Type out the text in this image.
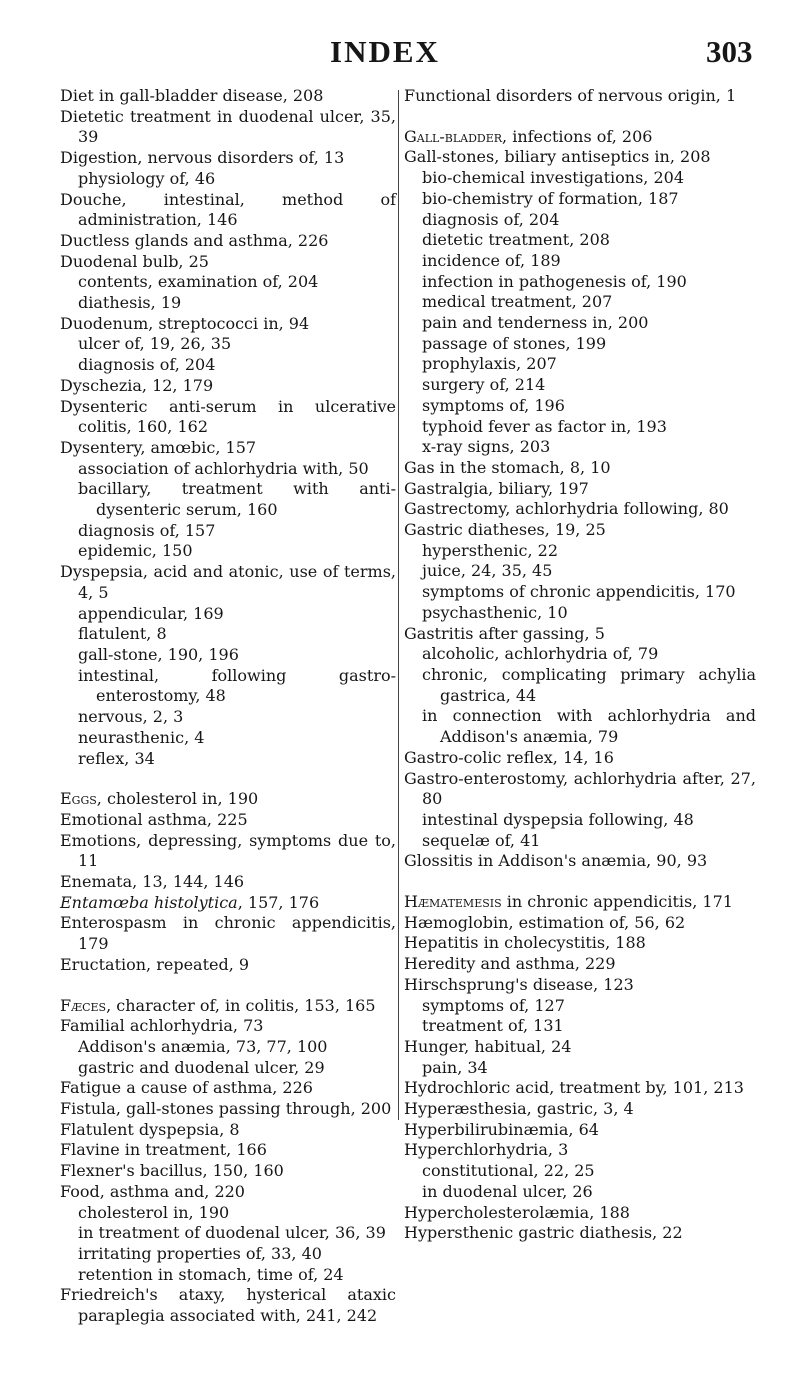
INDEX	303
Diet in gall-bladder disease, 208
Dietetic treatment in duodenal ulcer, 35, 39
Digestion, nervous disorders of, 13
physiology of, 46
Douche, intestinal, method of administration, 146
Ductless glands and asthma, 226
Duodenal bulb, 25
contents, examination of, 204
diathesis, 19
Duodenum, streptococci in, 94
ulcer of, 19, 26, 35
diagnosis of, 204
Dyschezia, 12, 179
Dysenteric anti-serum in ulcerative colitis, 160, 162
Dysentery, amœbic, 157
association of achlorhydria with, 50
bacillary, treatment with anti-dysenteric serum, 160
diagnosis of, 157
epidemic, 150
Dyspepsia, acid and atonic, use of terms, 4, 5
appendicular, 169
flatulent, 8
gall-stone, 190, 196
intestinal, following gastro-enterostomy, 48
nervous, 2, 3
neurasthenic, 4
reflex, 34
Eggs, cholesterol in, 190
Emotional asthma, 225
Emotions, depressing, symptoms due to, 11
Enemata, 13, 144, 146
Entamœba histolytica, 157, 176
Enterospasm in chronic appendicitis, 179
Eructation, repeated, 9
Fæces, character of, in colitis, 153, 165
Familial achlorhydria, 73
Addison's anæmia, 73, 77, 100
gastric and duodenal ulcer, 29
Fatigue a cause of asthma, 226
Fistula, gall-stones passing through, 200
Flatulent dyspepsia, 8
Flavine in treatment, 166
Flexner's bacillus, 150, 160
Food, asthma and, 220
cholesterol in, 190
in treatment of duodenal ulcer, 36, 39
irritating properties of, 33, 40
retention in stomach, time of, 24
Friedreich's ataxy, hysterical ataxic paraplegia associated with, 241, 242
Functional disorders of nervous origin, 1
Gall-bladder, infections of, 206
Gall-stones, biliary antiseptics in, 208
bio-chemical investigations, 204
bio-chemistry of formation, 187
diagnosis of, 204
dietetic treatment, 208
incidence of, 189
infection in pathogenesis of, 190
medical treatment, 207
pain and tenderness in, 200
passage of stones, 199
prophylaxis, 207
surgery of, 214
symptoms of, 196
typhoid fever as factor in, 193
x-ray signs, 203
Gas in the stomach, 8, 10
Gastralgia, biliary, 197
Gastrectomy, achlorhydria following, 80
Gastric diatheses, 19, 25
hypersthenic, 22
juice, 24, 35, 45
symptoms of chronic appendicitis, 170
psychasthenic, 10
Gastritis after gassing, 5
alcoholic, achlorhydria of, 79
chronic, complicating primary achylia gastrica, 44
in connection with achlorhydria and Addison's anæmia, 79
Gastro-colic reflex, 14, 16
Gastro-enterostomy, achlorhydria after, 27, 80
intestinal dyspepsia following, 48
sequelæ of, 41
Glossitis in Addison's anæmia, 90, 93
Hæmatemesis in chronic appendicitis, 171
Hæmoglobin, estimation of, 56, 62
Hepatitis in cholecystitis, 188
Heredity and asthma, 229
Hirschsprung's disease, 123
symptoms of, 127
treatment of, 131
Hunger, habitual, 24
pain, 34
Hydrochloric acid, treatment by, 101, 213
Hyperæsthesia, gastric, 3, 4
Hyperbilirubinæmia, 64
Hyperchlorhydria, 3
constitutional, 22, 25
in duodenal ulcer, 26
Hypercholesterolæmia, 188
Hypersthenic gastric diathesis, 22
